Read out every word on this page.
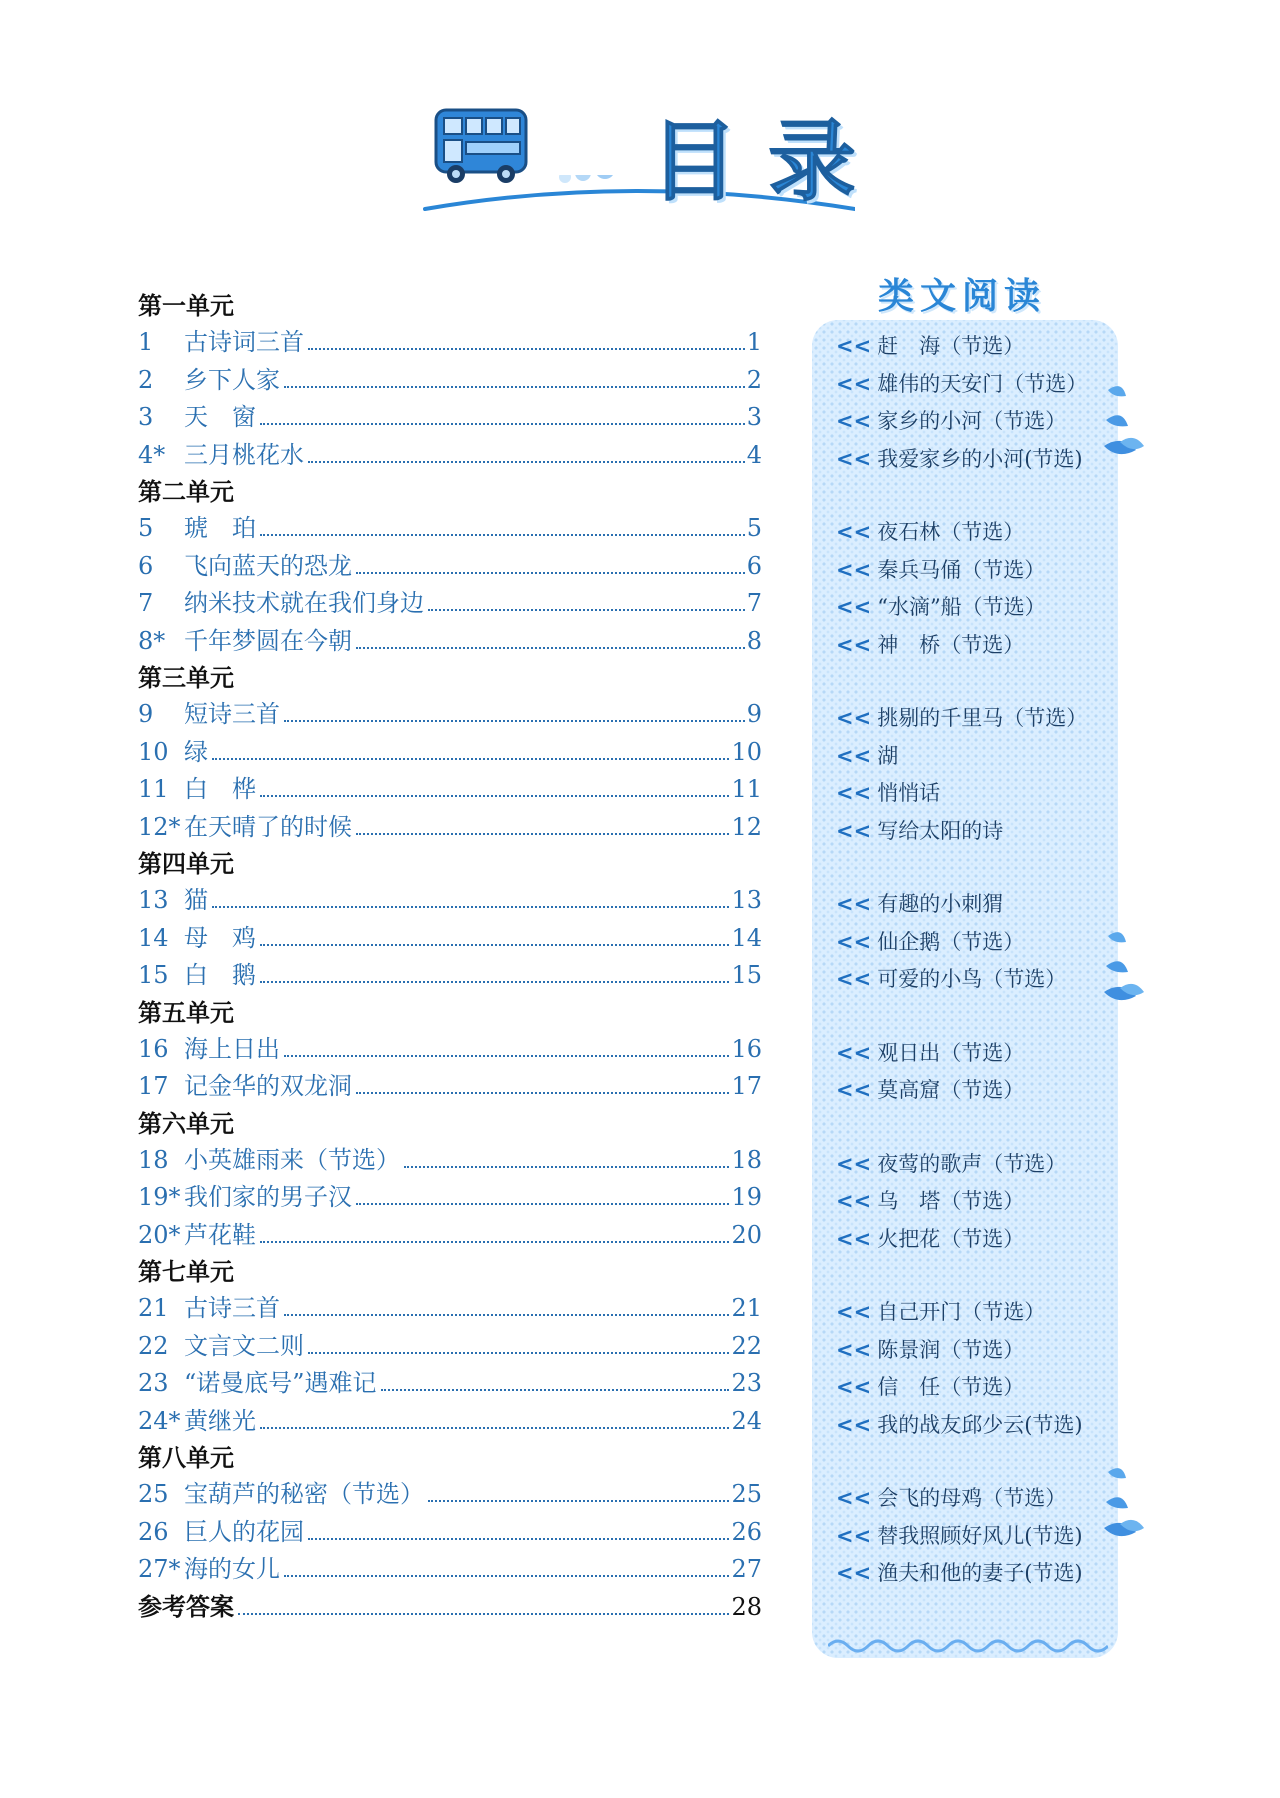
目录
第一单元
1	古诗词三首	1
2	乡下人家	2
3	天　窗	3
4* 三月桃花水	4
第二单元
5	琥　珀	5
6	飞向蓝天的恐龙	6
7	纳米技术就在我们身边	7
8* 千年梦圆在今朝	8
第三单元
9	短诗三首	9
10 绿	10
11 白　桦	11
12* 在天晴了的时候	12
第四单元
13 猫	13
14 母　鸡	14
15 白　鹅	15
第五单元
16 海上日出	16
17 记金华的双龙洞	17
第六单元
18 小英雄雨来（节选）	18
19* 我们家的男子汉	19
20* 芦花鞋	20
第七单元
21 古诗三首	21
22 文言文二则	22
23 “诺曼底号”遇难记	23
24* 黄继光	24
第八单元
25 宝葫芦的秘密（节选）	25
26 巨人的花园	26
27* 海的女儿	27
参考答案	28
类文阅读
<< 赶　海（节选）
<< 雄伟的天安门（节选）
<< 家乡的小河（节选）
<< 我爱家乡的小河(节选)
<< 夜石林（节选）
<< 秦兵马俑（节选）
<< “水滴”船（节选）
<< 神　桥（节选）
<< 挑剔的千里马（节选）
<< 湖
<< 悄悄话
<< 写给太阳的诗
<< 有趣的小刺猬
<< 仙企鹅（节选）
<< 可爱的小鸟（节选）
<< 观日出（节选）
<< 莫高窟（节选）
<< 夜莺的歌声（节选）
<< 乌　塔（节选）
<< 火把花（节选）
<< 自己开门（节选）
<< 陈景润（节选）
<< 信　任（节选）
<< 我的战友邱少云(节选)
<< 会飞的母鸡（节选）
<< 替我照顾好风儿(节选)
<< 渔夫和他的妻子(节选)
